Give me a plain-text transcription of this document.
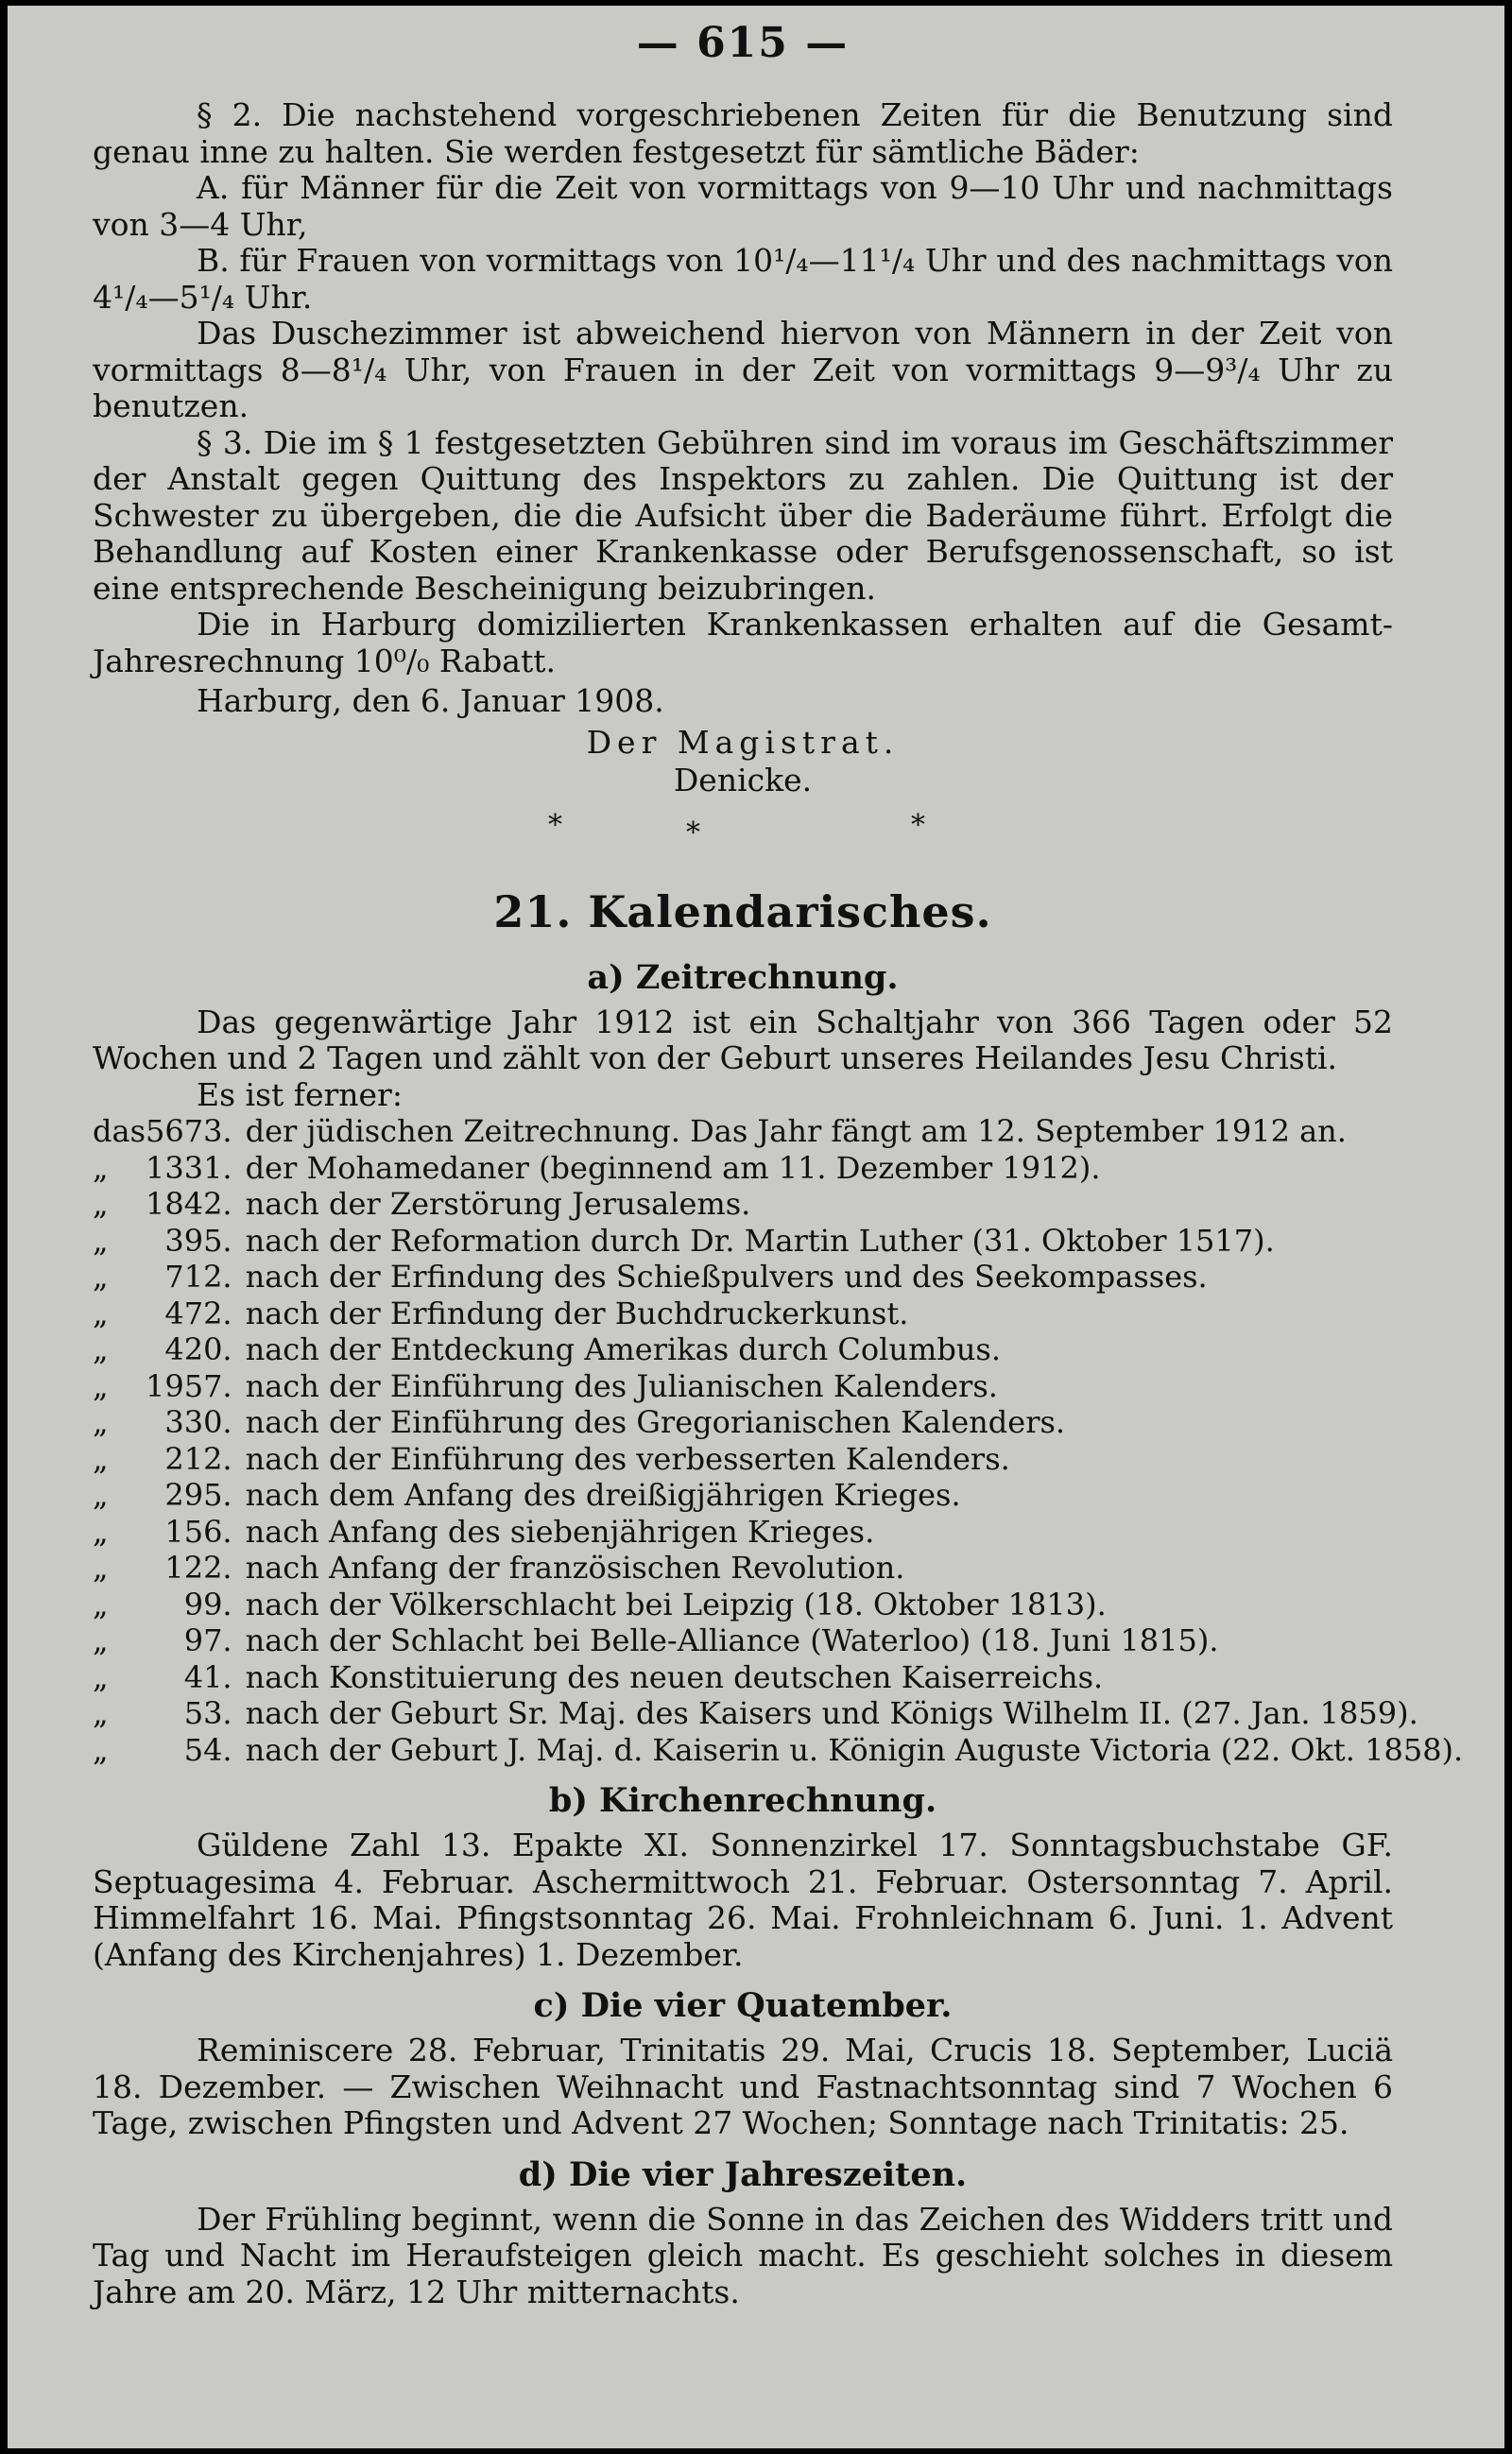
— 615 —

§ 2. Die nachstehend vorgeschriebenen Zeiten für die Benutzung sind genau inne zu halten. Sie werden festgesetzt für sämtliche Bäder:

A. für Männer für die Zeit von vormittags von 9—10 Uhr und nachmittags von 3—4 Uhr,

B. für Frauen von vormittags von 10¹/₄—11¹/₄ Uhr und des nachmittags von 4¹/₄—5¹/₄ Uhr.

Das Duschezimmer ist abweichend hiervon von Männern in der Zeit von vormittags 8—8¹/₄ Uhr, von Frauen in der Zeit von vormittags 9—9³/₄ Uhr zu benutzen.

§ 3. Die im § 1 festgesetzten Gebühren sind im voraus im Geschäftszimmer der Anstalt gegen Quittung des Inspektors zu zahlen. Die Quittung ist der Schwester zu übergeben, die die Aufsicht über die Baderäume führt. Erfolgt die Behandlung auf Kosten einer Krankenkasse oder Berufsgenossenschaft, so ist eine entsprechende Bescheinigung beizubringen.

Die in Harburg domizilierten Krankenkassen erhalten auf die Gesamt-Jahresrechnung 10⁰/₀ Rabatt.

Harburg, den 6. Januar 1908.

Der Magistrat.
Denicke.
*	*	*
21. Kalendarisches.
a) Zeitrechnung.

Das gegenwärtige Jahr 1912 ist ein Schaltjahr von 366 Tagen oder 52 Wochen und 2 Tagen und zählt von der Geburt unseres Heilandes Jesu Christi.

Es ist ferner:

das	5673.	der jüdischen Zeitrechnung. Das Jahr fängt am 12. September 1912 an.
„	1331.	der Mohamedaner (beginnend am 11. Dezember 1912).
„	1842.	nach der Zerstörung Jerusalems.
„	395.	nach der Reformation durch Dr. Martin Luther (31. Oktober 1517).
„	712.	nach der Erfindung des Schießpulvers und des Seekompasses.
„	472.	nach der Erfindung der Buchdruckerkunst.
„	420.	nach der Entdeckung Amerikas durch Columbus.
„	1957.	nach der Einführung des Julianischen Kalenders.
„	330.	nach der Einführung des Gregorianischen Kalenders.
„	212.	nach der Einführung des verbesserten Kalenders.
„	295.	nach dem Anfang des dreißigjährigen Krieges.
„	156.	nach Anfang des siebenjährigen Krieges.
„	122.	nach Anfang der französischen Revolution.
„	99.	nach der Völkerschlacht bei Leipzig (18. Oktober 1813).
„	97.	nach der Schlacht bei Belle-Alliance (Waterloo) (18. Juni 1815).
„	41.	nach Konstituierung des neuen deutschen Kaiserreichs.
„	53.	nach der Geburt Sr. Maj. des Kaisers und Königs Wilhelm II. (27. Jan. 1859).
„	54.	nach der Geburt J. Maj. d. Kaiserin u. Königin Auguste Victoria (22. Okt. 1858).
b) Kirchenrechnung.

Güldene Zahl 13. Epakte XI. Sonnenzirkel 17. Sonntagsbuchstabe GF. Septuagesima 4. Februar. Aschermittwoch 21. Februar. Ostersonntag 7. April. Himmelfahrt 16. Mai. Pfingstsonntag 26. Mai. Frohnleichnam 6. Juni. 1. Advent (Anfang des Kirchenjahres) 1. Dezember.

c) Die vier Quatember.

Reminiscere 28. Februar, Trinitatis 29. Mai, Crucis 18. September, Luciä 18. Dezember. — Zwischen Weihnacht und Fastnachtsonntag sind 7 Wochen 6 Tage, zwischen Pfingsten und Advent 27 Wochen; Sonntage nach Trinitatis: 25.

d) Die vier Jahreszeiten.

Der Frühling beginnt, wenn die Sonne in das Zeichen des Widders tritt und Tag und Nacht im Heraufsteigen gleich macht. Es geschieht solches in diesem Jahre am 20. März, 12 Uhr mitternachts.
